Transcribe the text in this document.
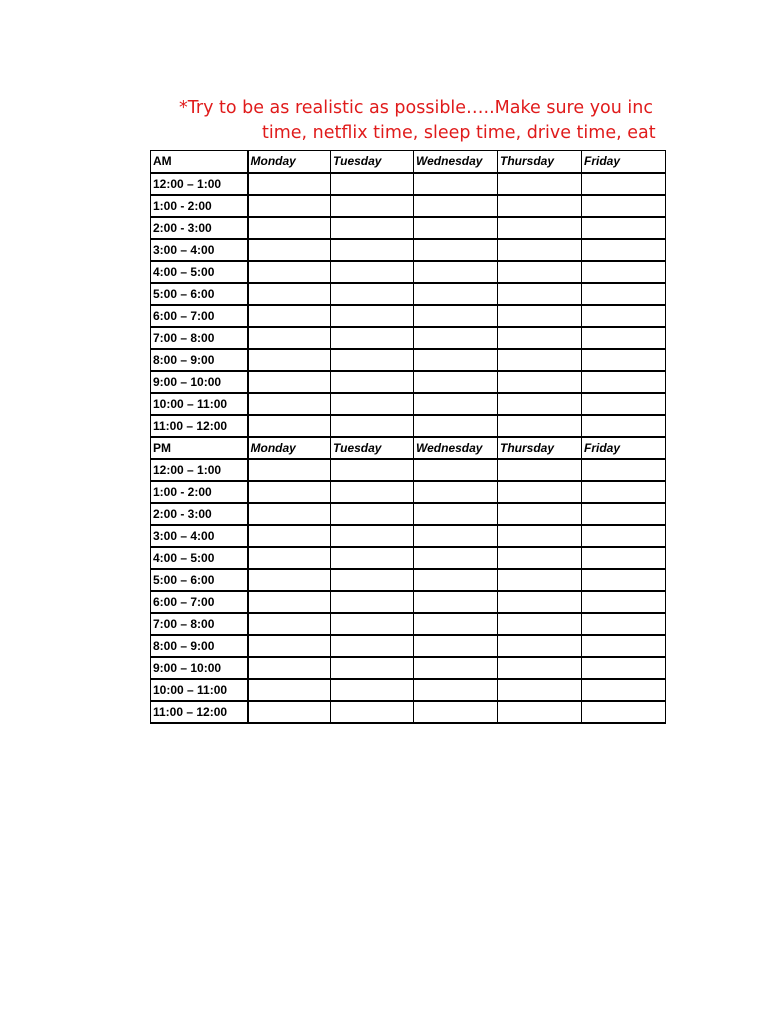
*Try to be as realistic as possible…..Make sure you inc
time, netflix time, sleep time, drive time, eat
AM	Monday	Tuesday	Wednesday	Thursday	Friday
12:00 – 1:00					
1:00 - 2:00					
2:00 - 3:00					
3:00 – 4:00					
4:00 – 5:00					
5:00 – 6:00					
6:00 – 7:00					
7:00 – 8:00					
8:00 – 9:00					
9:00 – 10:00					
10:00 – 11:00					
11:00 – 12:00					
PM	Monday	Tuesday	Wednesday	Thursday	Friday
12:00 – 1:00					
1:00 - 2:00					
2:00 - 3:00					
3:00 – 4:00					
4:00 – 5:00					
5:00 – 6:00					
6:00 – 7:00					
7:00 – 8:00					
8:00 – 9:00					
9:00 – 10:00					
10:00 – 11:00					
11:00 – 12:00					
